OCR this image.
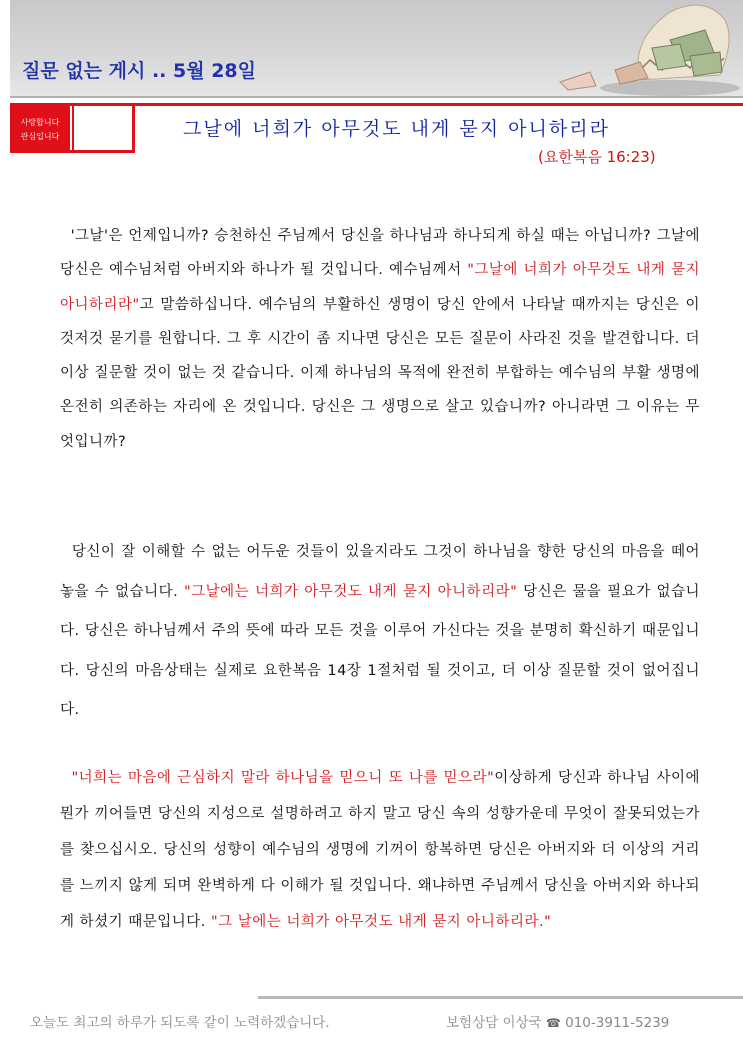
질문 없는 게시 .. 5월 28일
사랑합니다
관심입니다	그날에 너희가 아무것도 내게 묻지 아니하리라
(요한복음 16:23)
'그날'은 언제입니까? 승천하신 주님께서 당신을 하나님과 하나되게 하실 때는 아닙니까? 그날에 당신은 예수님처럼 아버지와 하나가 될 것입니다. 예수님께서 "그날에 너희가 아무것도 내게 묻지 아니하리라"고 말씀하십니다. 예수님의 부활하신 생명이 당신 안에서 나타날 때까지는 당신은 이것저것 묻기를 원합니다. 그 후 시간이 좀 지나면 당신은 모든 질문이 사라진 것을 발견합니다. 더 이상 질문할 것이 없는 것 같습니다. 이제 하나님의 목적에 완전히 부합하는 예수님의 부활 생명에 온전히 의존하는 자리에 온 것입니다. 당신은 그 생명으로 살고 있습니까? 아니라면 그 이유는 무엇입니까?
당신이 잘 이해할 수 없는 어두운 것들이 있을지라도 그것이 하나님을 향한 당신의 마음을 떼어놓을 수 없습니다. "그날에는 너희가 아무것도 내게 묻지 아니하리라" 당신은 물을 필요가 없습니다. 당신은 하나님께서 주의 뜻에 따라 모든 것을 이루어 가신다는 것을 분명히 확신하기 때문입니다. 당신의 마음상태는 실제로 요한복음 14장 1절처럼 될 것이고, 더 이상 질문할 것이 없어집니다.
"너희는 마음에 근심하지 말라 하나님을 믿으니 또 나를 믿으라"이상하게 당신과 하나님 사이에 뭔가 끼어들면 당신의 지성으로 설명하려고 하지 말고 당신 속의 성향가운데 무엇이 잘못되었는가를 찾으십시오. 당신의 성향이 예수님의 생명에 기꺼이 항복하면 당신은 아버지와 더 이상의 거리를 느끼지 않게 되며 완벽하게 다 이해가 될 것입니다. 왜냐하면 주님께서 당신을 아버지와 하나되게 하셨기 때문입니다. "그 날에는 너희가 아무것도 내게 묻지 아니하리라."
오늘도 최고의 하루가 되도록 같이 노력하겠습니다.	보험상담 이상국 ☎ 010-3911-5239
